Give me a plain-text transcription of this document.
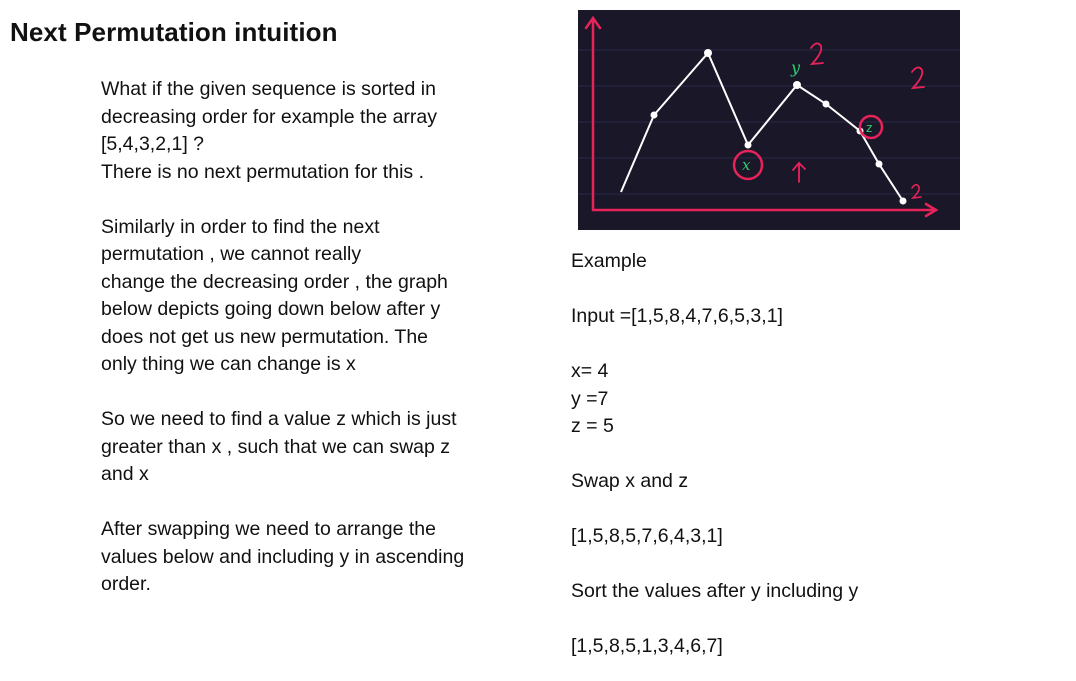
Next Permutation intuition

What if the given sequence is sorted in
decreasing order for example the array
[5,4,3,2,1] ?
There is no next permutation for this .

Similarly in order to find the next
permutation , we cannot really
change the decreasing order , the graph
below depicts going down below after y
does not get us new permutation. The
only thing we can change is x

So we need to find a value z which is just
greater than x , such that we can swap z
and x

After swapping we need to arrange the
values below and including y in ascending
order.

x
y
z

Example

Input =[1,5,8,4,7,6,5,3,1]

x= 4

y =7

z = 5

Swap x and z

[1,5,8,5,7,6,4,3,1]

Sort the values after y including y

[1,5,8,5,1,3,4,6,7]
